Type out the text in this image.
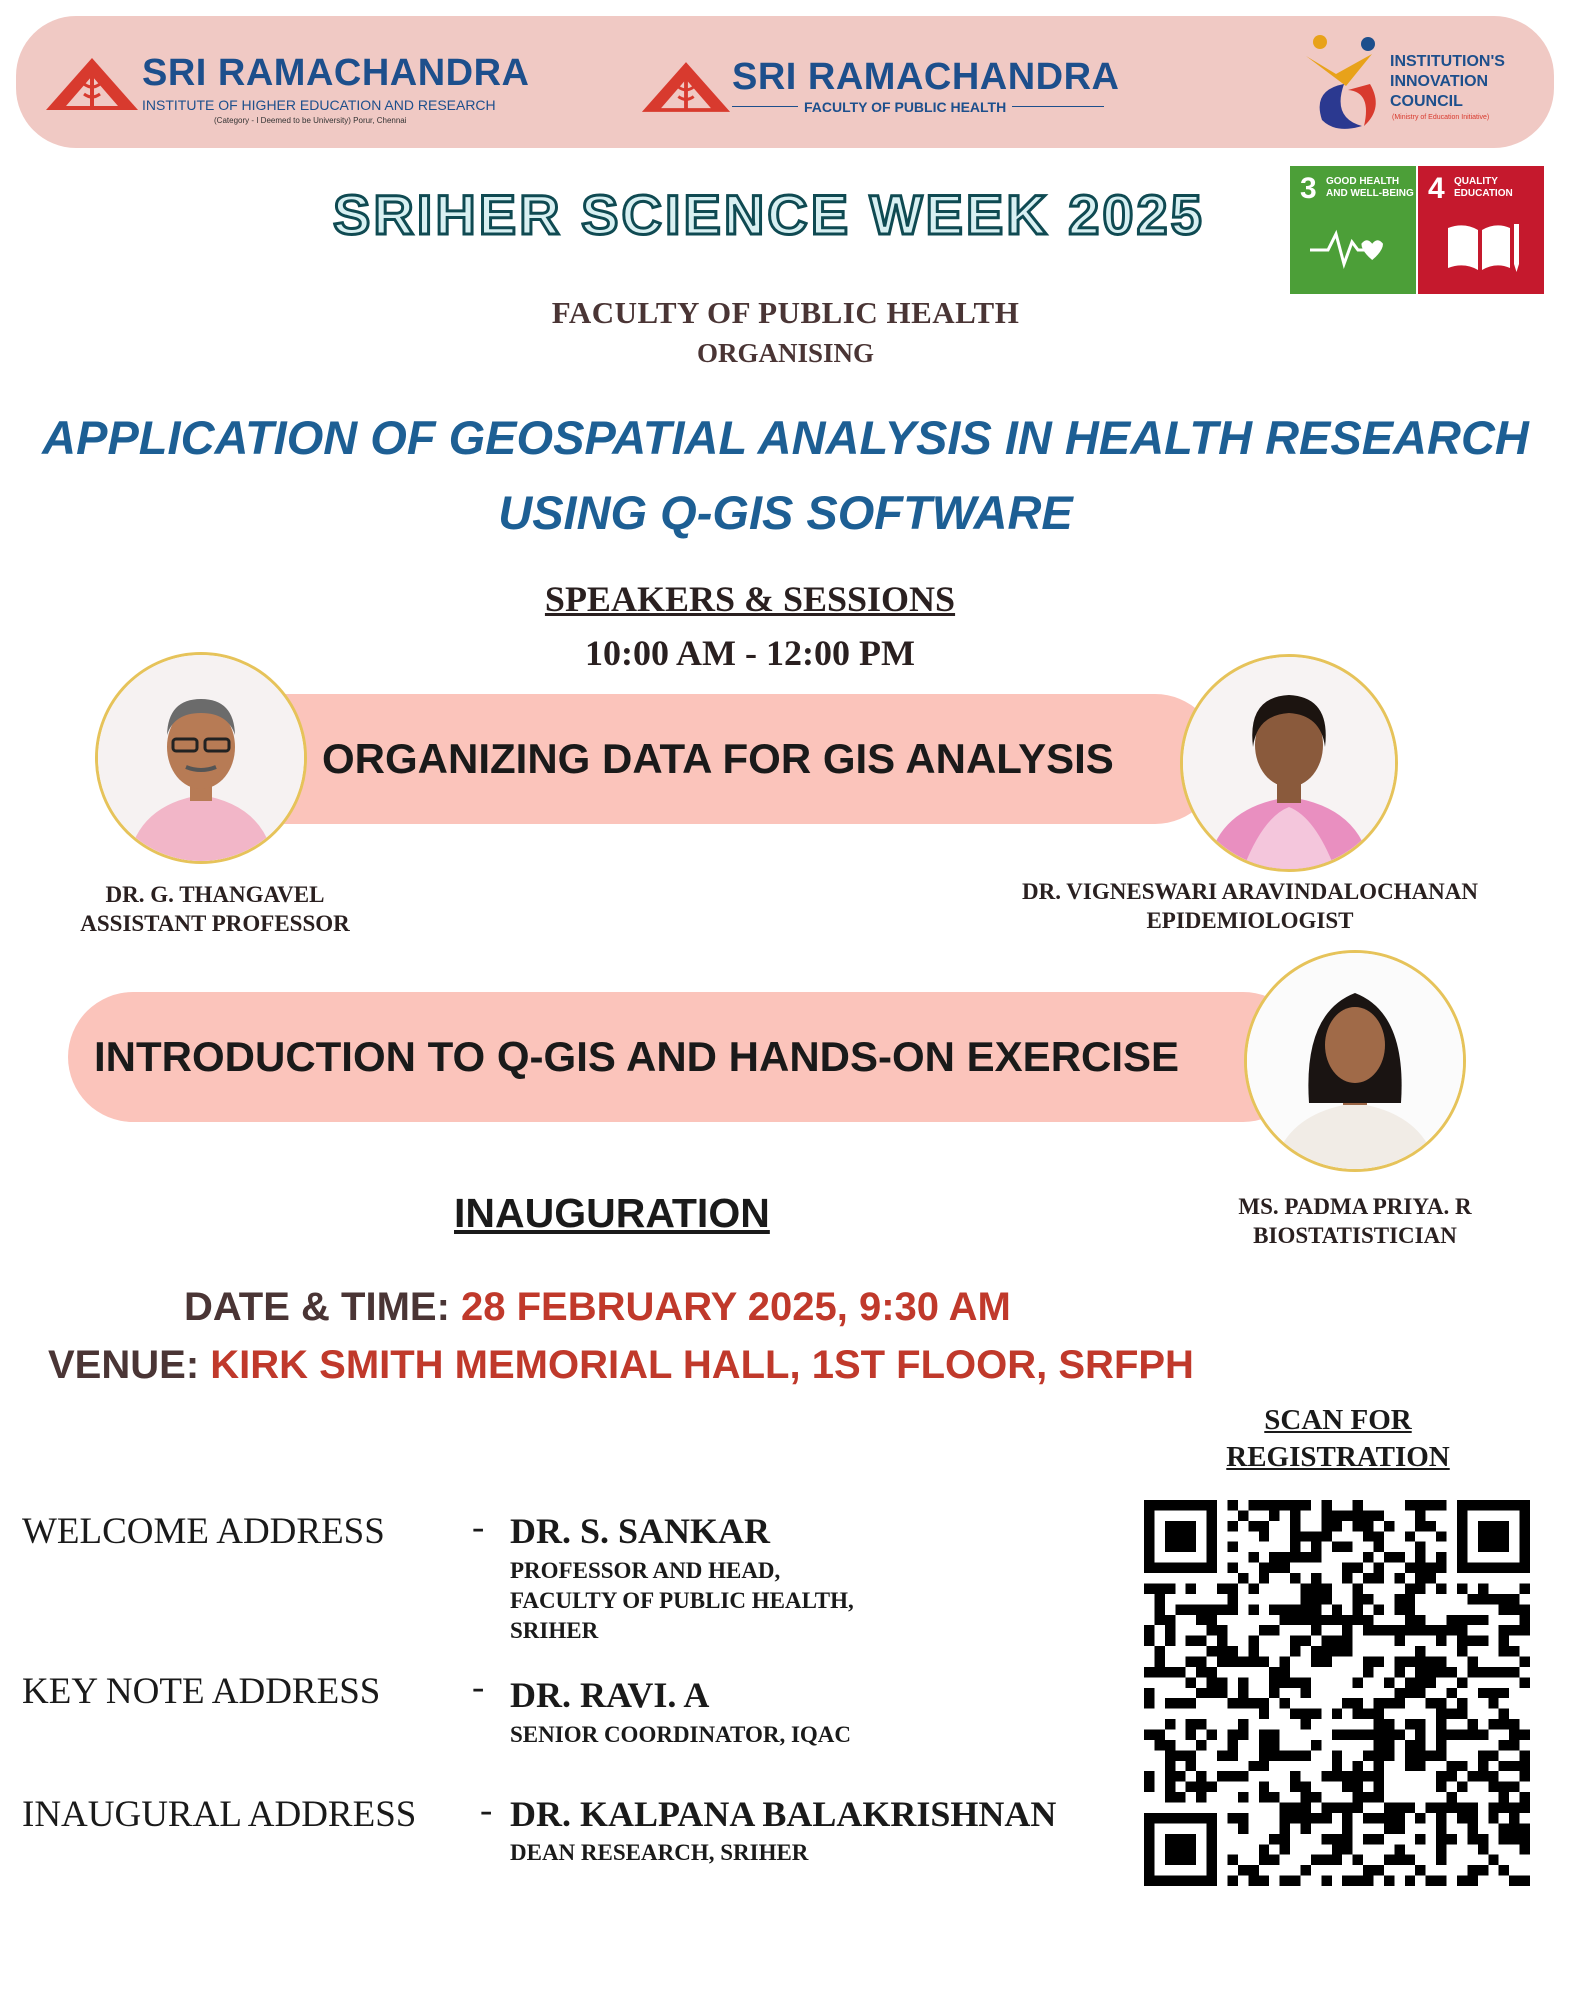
SRI RAMACHANDRA
INSTITUTE OF HIGHER EDUCATION AND RESEARCH
(Category - I Deemed to be University) Porur, Chennai
SRI RAMACHANDRA
FACULTY OF PUBLIC HEALTH
INSTITUTION'S
INNOVATION
COUNCIL
(Ministry of Education Initiative)
3 GOOD HEALTH
AND WELL-BEING 4 QUALITY
EDUCATION
SRIHER SCIENCE WEEK 2025
FACULTY OF PUBLIC HEALTH
ORGANISING
APPLICATION OF GEOSPATIAL ANALYSIS IN HEALTH RESEARCH
USING Q-GIS SOFTWARE
SPEAKERS & SESSIONS
10:00 AM - 12:00 PM
ORGANIZING DATA FOR GIS ANALYSIS
DR. G. THANGAVEL
ASSISTANT PROFESSOR
DR. VIGNESWARI ARAVINDALOCHANAN
EPIDEMIOLOGIST
INTRODUCTION TO Q-GIS AND HANDS-ON EXERCISE
MS. PADMA PRIYA. R
BIOSTATISTICIAN
INAUGURATION
DATE & TIME: 28 FEBRUARY 2025, 9:30 AM
VENUE: KIRK SMITH MEMORIAL HALL, 1ST FLOOR, SRFPH
WELCOME ADDRESS - DR. S. SANKAR
PROFESSOR AND HEAD,
FACULTY OF PUBLIC HEALTH,
SRIHER
KEY NOTE ADDRESS - DR. RAVI. A
SENIOR COORDINATOR, IQAC
INAUGURAL ADDRESS - DR. KALPANA BALAKRISHNAN
DEAN RESEARCH, SRIHER
SCAN FOR
REGISTRATION
